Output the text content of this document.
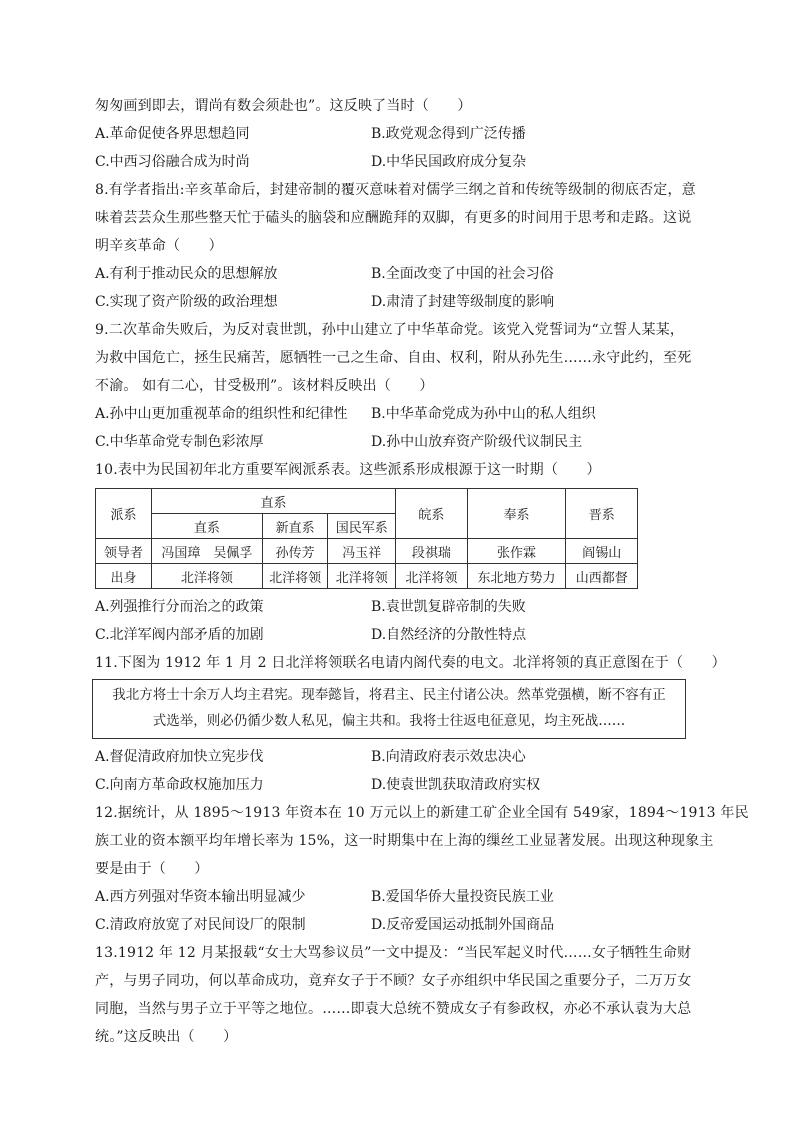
匆匆画到即去，谓尚有数会须赴也”。这反映了当时（　　）
A.革命促使各界思想趋同	B.政党观念得到广泛传播
C.中西习俗融合成为时尚	D.中华民国政府成分复杂
8.有学者指出:辛亥革命后，封建帝制的覆灭意味着对儒学三纲之首和传统等级制的彻底否定，意
味着芸芸众生那些整天忙于磕头的脑袋和应酬跪拜的双脚，有更多的时间用于思考和走路。这说
明辛亥革命（　　）
A.有利于推动民众的思想解放	B.全面改变了中国的社会习俗
C.实现了资产阶级的政治理想	D.肃清了封建等级制度的影响
9.二次革命失败后，为反对袁世凯，孙中山建立了中华革命党。该党入党誓词为“立誓人某某，
为救中国危亡，拯生民痛苦，愿牺牲一己之生命、自由、权利，附从孙先生……永守此约，至死
不渝。 如有二心，甘受极刑”。该材料反映出（　　）
A.孙中山更加重视革命的组织性和纪律性 B.中华革命党成为孙中山的私人组织
C.中华革命党专制色彩浓厚	D.孙中山放弃资产阶级代议制民主
10.表中为民国初年北方重要军阀派系表。这些派系形成根源于这一时期（　　）
派系	直系			皖系	奉系	晋系
	直系	新直系	国民军系			
领导者	冯国璋　吴佩孚	孙传芳	冯玉祥	段祺瑞	张作霖	阎锡山
出身	北洋将领	北洋将领	北洋将领	北洋将领	东北地方势力	山西都督
A.列强推行分而治之的政策	B.袁世凯复辟帝制的失败
C.北洋军阀内部矛盾的加剧	D.自然经济的分散性特点
11.下图为 1912 年 1 月 2 日北洋将领联名电请内阁代奏的电文。北洋将领的真正意图在于（　　）
我北方将士十余万人均主君宪。现奉懿旨，将君主、民主付诸公决。然革党强横，断不容有正
式选举，则必仍循少数人私见，偏主共和。我将士往返电征意见，均主死战……
A.督促清政府加快立宪步伐	B.向清政府表示效忠决心
C.向南方革命政权施加压力	D.使袁世凯获取清政府实权
12.据统计，从 1895～1913 年资本在 10 万元以上的新建工矿企业全国有 549家，1894～1913 年民
族工业的资本额平均年增长率为 15%，这一时期集中在上海的缫丝工业显著发展。出现这种现象主
要是由于（　　）
A.西方列强对华资本输出明显减少	B.爱国华侨大量投资民族工业
C.清政府放宽了对民间设厂的限制	D.反帝爱国运动抵制外国商品
13.1912 年 12 月某报载“女士大骂参议员”一文中提及：“当民军起义时代……女子牺牲生命财
产，与男子同功，何以革命成功，竟弃女子于不顾？女子亦组织中华民国之重要分子，二万万女
同胞，当然与男子立于平等之地位。……即袁大总统不赞成女子有参政权，亦必不承认袁为大总
统。”这反映出（　　）
